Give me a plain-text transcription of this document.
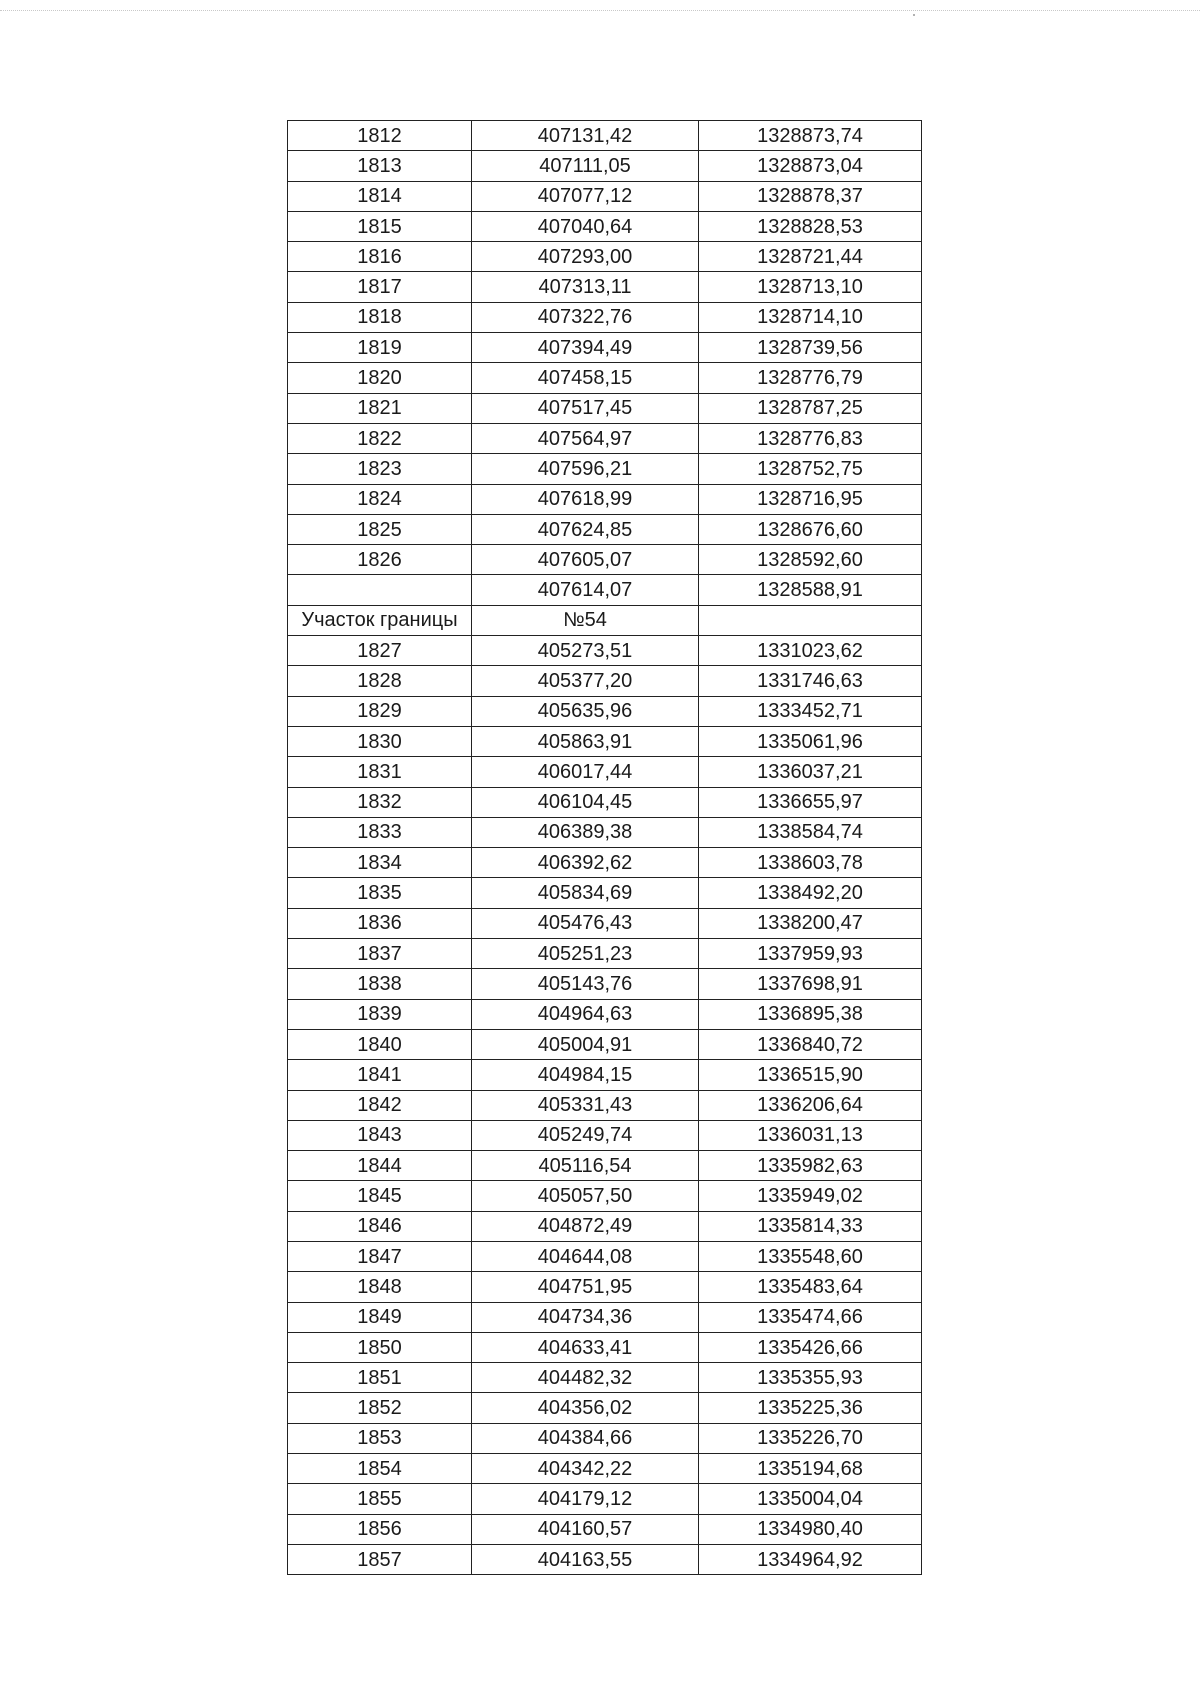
1812	407131,42	1328873,74
1813	407111,05	1328873,04
1814	407077,12	1328878,37
1815	407040,64	1328828,53
1816	407293,00	1328721,44
1817	407313,11	1328713,10
1818	407322,76	1328714,10
1819	407394,49	1328739,56
1820	407458,15	1328776,79
1821	407517,45	1328787,25
1822	407564,97	1328776,83
1823	407596,21	1328752,75
1824	407618,99	1328716,95
1825	407624,85	1328676,60
1826	407605,07	1328592,60
	407614,07	1328588,91
Участок границы	№54	
1827	405273,51	1331023,62
1828	405377,20	1331746,63
1829	405635,96	1333452,71
1830	405863,91	1335061,96
1831	406017,44	1336037,21
1832	406104,45	1336655,97
1833	406389,38	1338584,74
1834	406392,62	1338603,78
1835	405834,69	1338492,20
1836	405476,43	1338200,47
1837	405251,23	1337959,93
1838	405143,76	1337698,91
1839	404964,63	1336895,38
1840	405004,91	1336840,72
1841	404984,15	1336515,90
1842	405331,43	1336206,64
1843	405249,74	1336031,13
1844	405116,54	1335982,63
1845	405057,50	1335949,02
1846	404872,49	1335814,33
1847	404644,08	1335548,60
1848	404751,95	1335483,64
1849	404734,36	1335474,66
1850	404633,41	1335426,66
1851	404482,32	1335355,93
1852	404356,02	1335225,36
1853	404384,66	1335226,70
1854	404342,22	1335194,68
1855	404179,12	1335004,04
1856	404160,57	1334980,40
1857	404163,55	1334964,92
